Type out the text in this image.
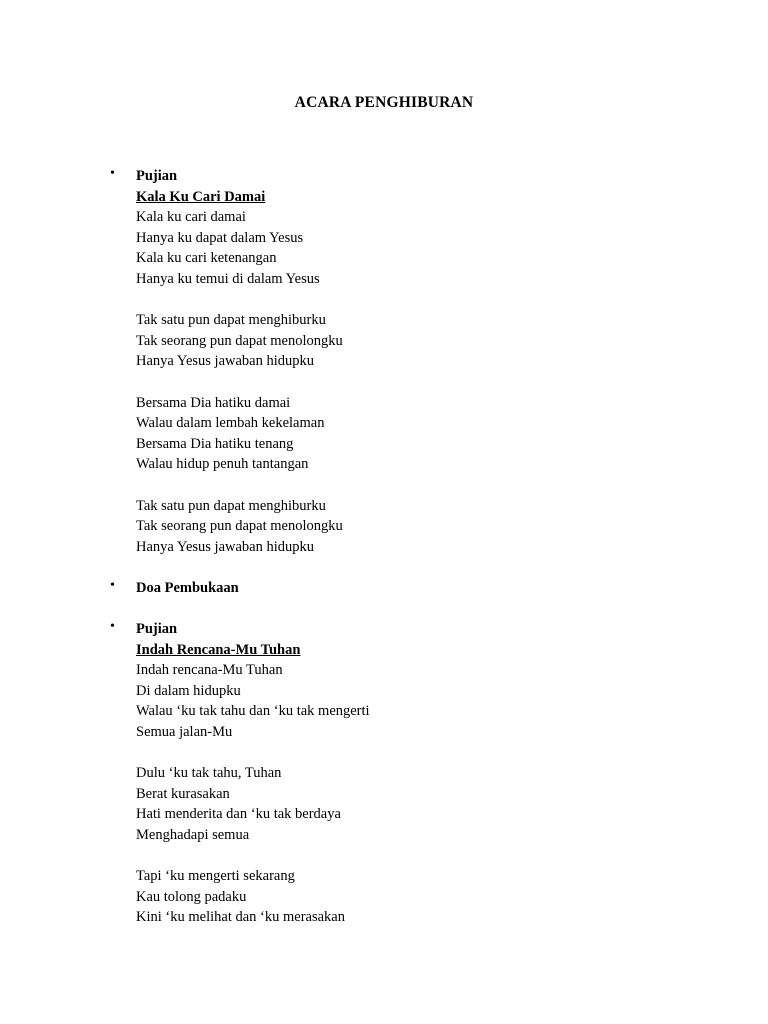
ACARA PENGHIBURAN
• Pujian
Kala Ku Cari Damai
Kala ku cari damai
Hanya ku dapat dalam Yesus
Kala ku cari ketenangan
Hanya ku temui di dalam Yesus
Tak satu pun dapat menghiburku
Tak seorang pun dapat menolongku
Hanya Yesus jawaban hidupku
Bersama Dia hatiku damai
Walau dalam lembah kekelaman
Bersama Dia hatiku tenang
Walau hidup penuh tantangan
Tak satu pun dapat menghiburku
Tak seorang pun dapat menolongku
Hanya Yesus jawaban hidupku
• Doa Pembukaan
• Pujian
Indah Rencana-Mu Tuhan
Indah rencana-Mu Tuhan
Di dalam hidupku
Walau ‘ku tak tahu dan ‘ku tak mengerti
Semua jalan-Mu
Dulu ‘ku tak tahu, Tuhan
Berat kurasakan
Hati menderita dan ‘ku tak berdaya
Menghadapi semua
Tapi ‘ku mengerti sekarang
Kau tolong padaku
Kini ‘ku melihat dan ‘ku merasakan
